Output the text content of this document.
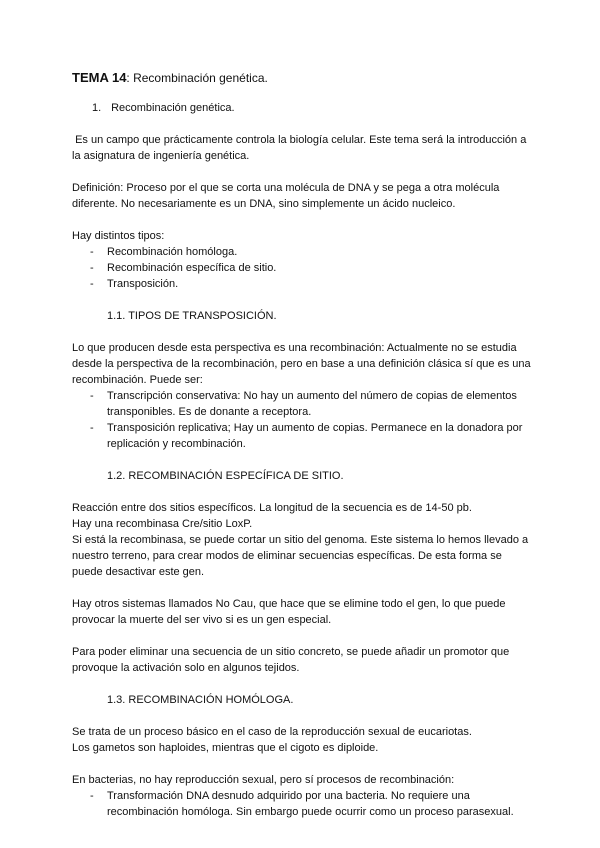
TEMA 14: Recombinación genética.
1. Recombinación genética.

Es un campo que prácticamente controla la biología celular. Este tema será la introducción a la asignatura de ingeniería genética.

Definición: Proceso por el que se corta una molécula de DNA y se pega a otra molécula diferente. No necesariamente es un DNA, sino simplemente un ácido nucleico.

Hay distintos tipos:

- Recombinación homóloga.
- Recombinación específica de sitio.
- Transposición.
1.1. TIPOS DE TRANSPOSICIÓN.

Lo que producen desde esta perspectiva es una recombinación: Actualmente no se estudia desde la perspectiva de la recombinación, pero en base a una definición clásica sí que es una recombinación. Puede ser:

- Transcripción conservativa: No hay un aumento del número de copias de elementos transponibles. Es de donante a receptora.
- Transposición replicativa; Hay un aumento de copias. Permanece en la donadora por replicación y recombinación.
1.2. RECOMBINACIÓN ESPECÍFICA DE SITIO.
Reacción entre dos sitios específicos. La longitud de la secuencia es de 14-50 pb.
Hay una recombinasa Cre/sitio LoxP.

Si está la recombinasa, se puede cortar un sitio del genoma. Este sistema lo hemos llevado a nuestro terreno, para crear modos de eliminar secuencias específicas. De esta forma se puede desactivar este gen.

Hay otros sistemas llamados No Cau, que hace que se elimine todo el gen, lo que puede provocar la muerte del ser vivo si es un gen especial.

Para poder eliminar una secuencia de un sitio concreto, se puede añadir un promotor que provoque la activación solo en algunos tejidos.

1.3. RECOMBINACIÓN HOMÓLOGA.
Se trata de un proceso básico en el caso de la reproducción sexual de eucariotas.

Los gametos son haploides, mientras que el cigoto es diploide.

En bacterias, no hay reproducción sexual, pero sí procesos de recombinación:

- Transformación DNA desnudo adquirido por una bacteria. No requiere una recombinación homóloga. Sin embargo puede ocurrir como un proceso parasexual.
